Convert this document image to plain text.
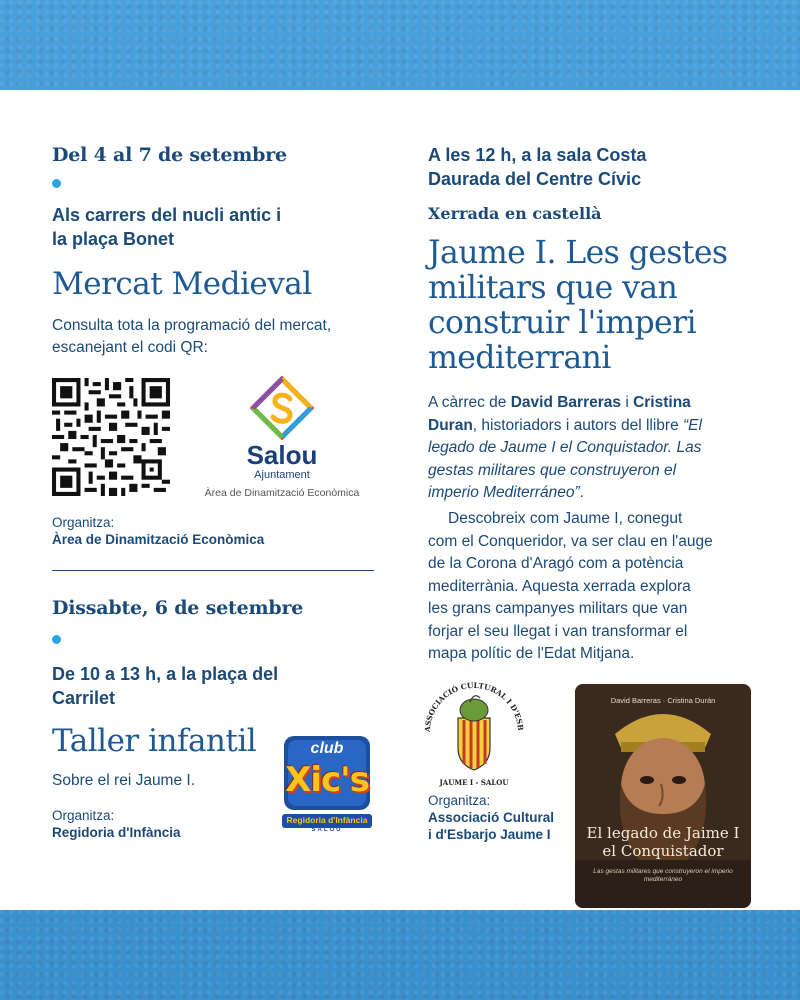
Del 4 al 7 de setembre
Als carrers del nucli antic i
la plaça Bonet
Mercat Medieval
Consulta tota la programació del mercat,
escanejant el codi QR:
Salou
Ajuntament
Àrea de Dinamització Econòmica
Organitza:
Àrea de Dinamització Econòmica
Dissabte, 6 de setembre
De 10 a 13 h, a la plaça del
Carrilet
Taller infantil
Sobre el rei Jaume I.
Organitza:
Regidoria d'Infància
club
Xic's
Regidoria d'Infància
SALOU
A les 12 h, a la sala Costa
Daurada del Centre Cívic
Xerrada en castellà
Jaume I. Les gestes
militars que van
construir l'imperi
mediterrani
A càrrec de David Barreras i Cristina
Duran, historiadors i autors del llibre “El
legado de Jaume I el Conquistador. Las
gestas militares que construyeron el
imperio Mediterráneo”.
Descobreix com Jaume I, conegut
com el Conqueridor, va ser clau en l'auge
de la Corona d'Aragó com a potència
mediterrània. Aquesta xerrada explora
les grans campanyes militars que van
forjar el seu llegat i van transformar el
mapa polític de l'Edat Mitjana.
ASSOCIACIÓ CULTURAL I D'ESB
JAUME I - SALOU
Organitza:
Associació Cultural
i d'Esbarjo Jaume I
David Barreras · Cristina Durán
El legado de Jaime I
el Conquistador
Las gestas militares que construyeron el imperio mediterráneo
